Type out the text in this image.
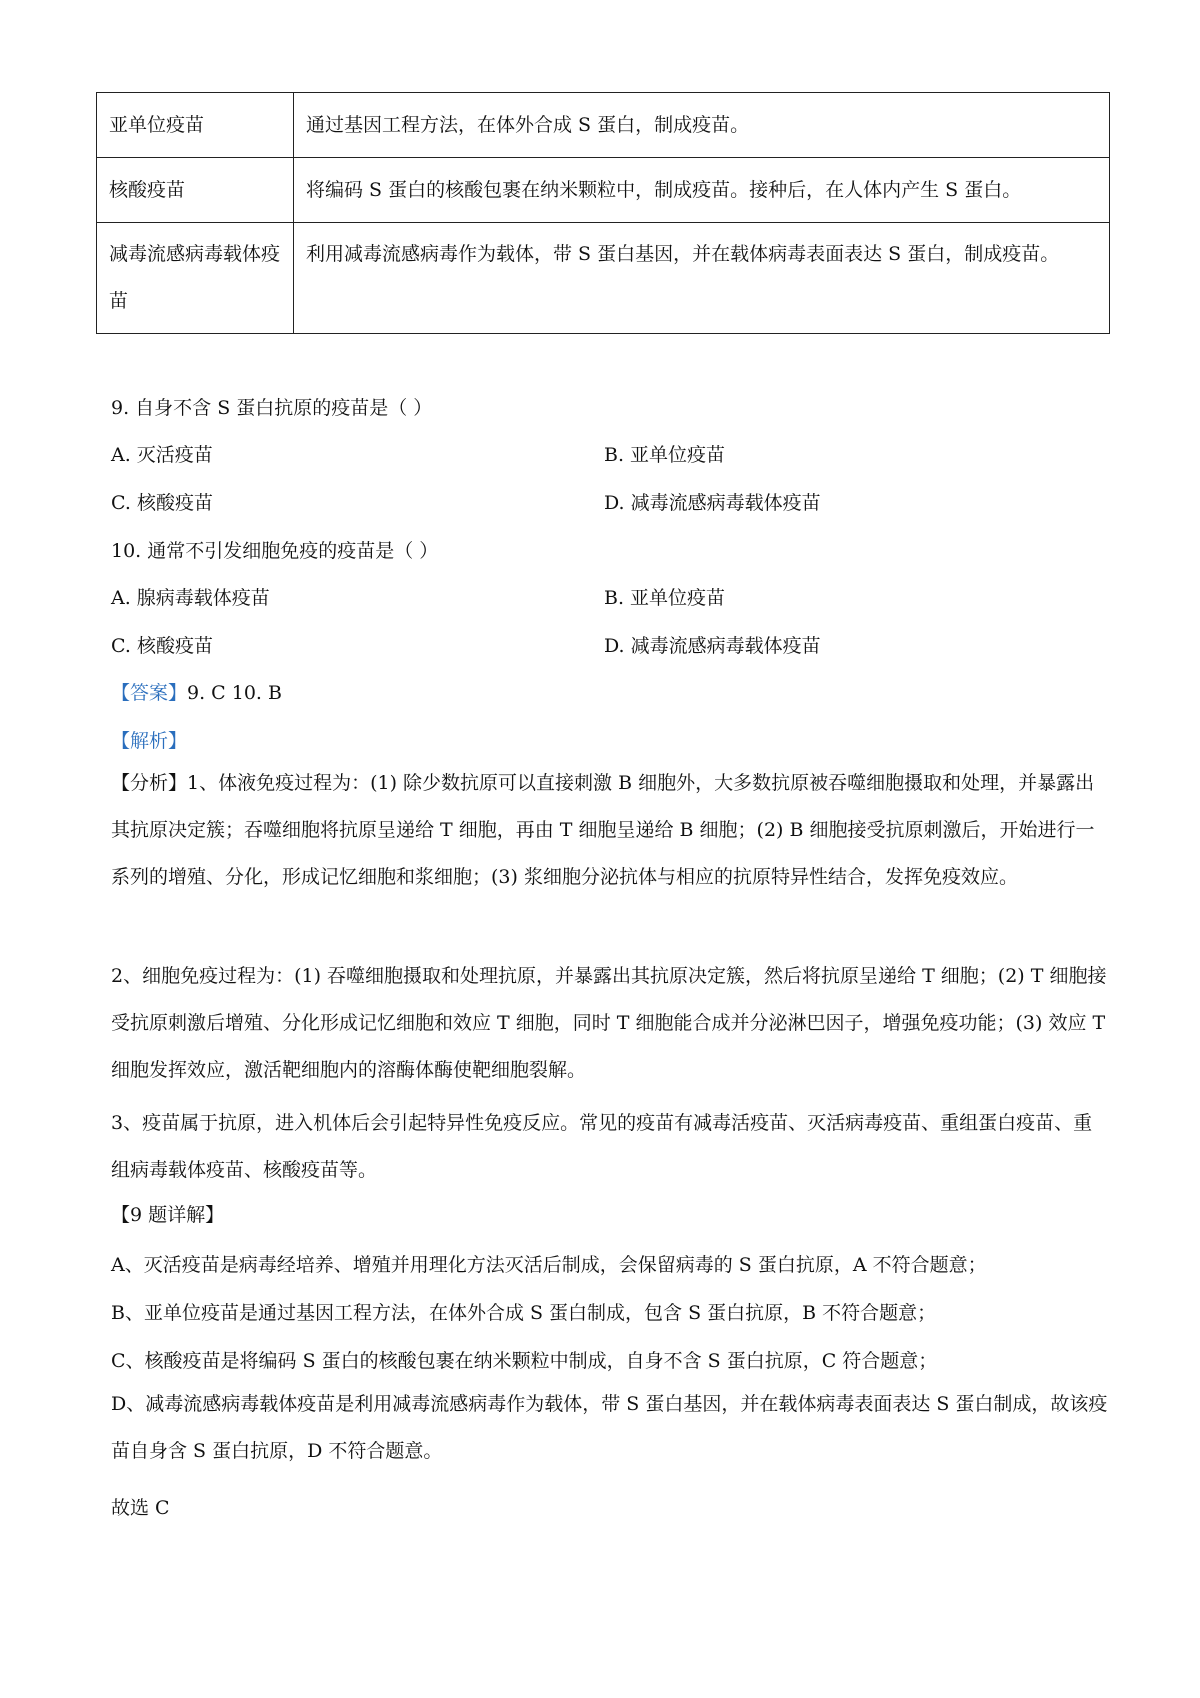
亚单位疫苗	通过基因工程方法，在体外合成 S 蛋白，制成疫苗。
核酸疫苗	将编码 S 蛋白的核酸包裹在纳米颗粒中，制成疫苗。接种后，在人体内产生 S 蛋白。
减毒流感病毒载体疫苗	利用减毒流感病毒作为载体，带 S 蛋白基因，并在载体病毒表面表达 S 蛋白，制成疫苗。
9. 自身不含 S 蛋白抗原的疫苗是（ ）
A. 灭活疫苗	B. 亚单位疫苗
C. 核酸疫苗	D. 减毒流感病毒载体疫苗
10. 通常不引发细胞免疫的疫苗是（ ）
A. 腺病毒载体疫苗	B. 亚单位疫苗
C. 核酸疫苗	D. 减毒流感病毒载体疫苗
【答案】9. C 10. B
【解析】
【分析】1、体液免疫过程为：(1) 除少数抗原可以直接刺激 B 细胞外，大多数抗原被吞噬细胞摄取和处理，并暴露出其抗原决定簇；吞噬细胞将抗原呈递给 T 细胞，再由 T 细胞呈递给 B 细胞；(2) B 细胞接受抗原刺激后，开始进行一系列的增殖、分化，形成记忆细胞和浆细胞；(3) 浆细胞分泌抗体与相应的抗原特异性结合，发挥免疫效应。
2、细胞免疫过程为：(1) 吞噬细胞摄取和处理抗原，并暴露出其抗原决定簇，然后将抗原呈递给 T 细胞；(2) T 细胞接受抗原刺激后增殖、分化形成记忆细胞和效应 T 细胞，同时 T 细胞能合成并分泌淋巴因子，增强免疫功能；(3) 效应 T 细胞发挥效应，激活靶细胞内的溶酶体酶使靶细胞裂解。
3、疫苗属于抗原，进入机体后会引起特异性免疫反应。常见的疫苗有减毒活疫苗、灭活病毒疫苗、重组蛋白疫苗、重组病毒载体疫苗、核酸疫苗等。
【9 题详解】
A、灭活疫苗是病毒经培养、增殖并用理化方法灭活后制成，会保留病毒的 S 蛋白抗原，A 不符合题意；
B、亚单位疫苗是通过基因工程方法，在体外合成 S 蛋白制成，包含 S 蛋白抗原，B 不符合题意；
C、核酸疫苗是将编码 S 蛋白的核酸包裹在纳米颗粒中制成，自身不含 S 蛋白抗原，C 符合题意；
D、减毒流感病毒载体疫苗是利用减毒流感病毒作为载体，带 S 蛋白基因，并在载体病毒表面表达 S 蛋白制成，故该疫苗自身含 S 蛋白抗原，D 不符合题意。
故选 C
